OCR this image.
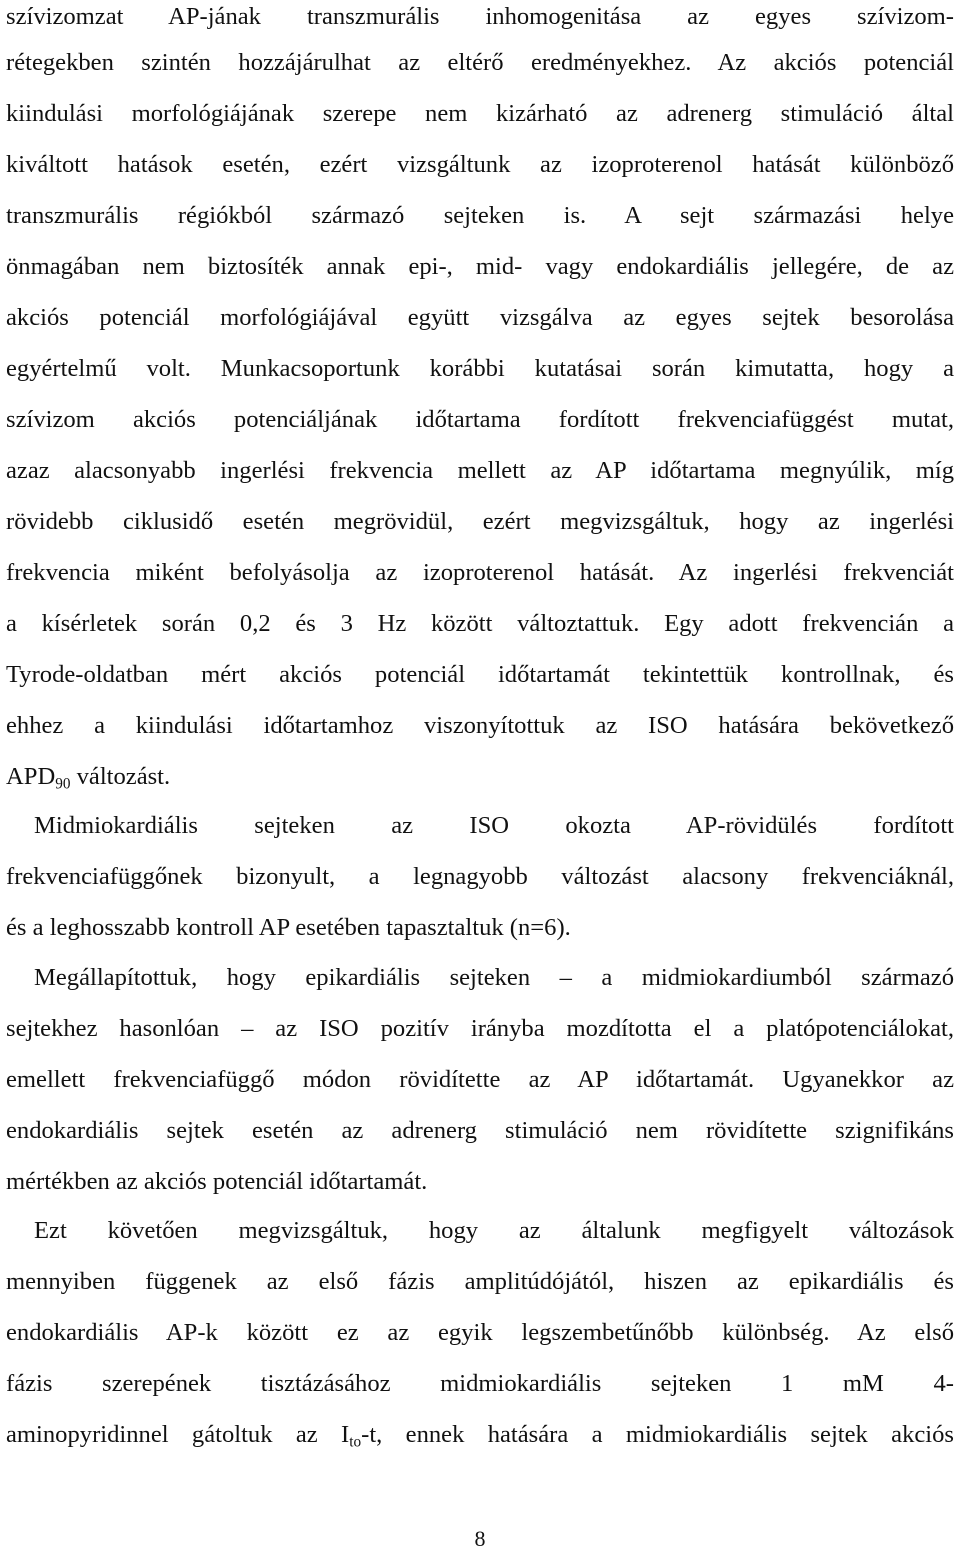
szívizomzat AP-jának transzmurális inhomogenitása az egyes szívizom-
rétegekben szintén hozzájárulhat az eltérő eredményekhez. Az akciós potenciál
kiindulási morfológiájának szerepe nem kizárható az adrenerg stimuláció által
kiváltott hatások esetén, ezért vizsgáltunk az izoproterenol hatását különböző
transzmurális régiókból származó sejteken is. A sejt származási helye
önmagában nem biztosíték annak epi-, mid- vagy endokardiális jellegére, de az
akciós potenciál morfológiájával együtt vizsgálva az egyes sejtek besorolása
egyértelmű volt. Munkacsoportunk korábbi kutatásai során kimutatta, hogy a
szívizom akciós potenciáljának időtartama fordított frekvenciafüggést mutat,
azaz alacsonyabb ingerlési frekvencia mellett az AP időtartama megnyúlik, míg
rövidebb ciklusidő esetén megrövidül, ezért megvizsgáltuk, hogy az ingerlési
frekvencia miként befolyásolja az izoproterenol hatását. Az ingerlési frekvenciát
a kísérletek során 0,2 és 3 Hz között változtattuk. Egy adott frekvencián a
Tyrode-oldatban mért akciós potenciál időtartamát tekintettük kontrollnak, és
ehhez a kiindulási időtartamhoz viszonyítottuk az ISO hatására bekövetkező
$APD_{90}$ változást.
Midmiokardiális sejteken az ISO okozta AP-rövidülés fordított
frekvenciafüggőnek bizonyult, a legnagyobb változást alacsony frekvenciáknál,
és a leghosszabb kontroll AP esetében tapasztaltuk (n=6).
Megállapítottuk, hogy epikardiális sejteken – a midmiokardiumból származó
sejtekhez hasonlóan – az ISO pozitív irányba mozdította el a platópotenciálokat,
emellett frekvenciafüggő módon rövidítette az AP időtartamát. Ugyanekkor az
endokardiális sejtek esetén az adrenerg stimuláció nem rövidítette szignifikáns
mértékben az akciós potenciál időtartamát.
Ezt követően megvizsgáltuk, hogy az általunk megfigyelt változások
mennyiben függenek az első fázis amplitúdójától, hiszen az epikardiális és
endokardiális AP-k között ez az egyik legszembetűnőbb különbség. Az első
fázis szerepének tisztázásához midmiokardiális sejteken 1 mM 4-
aminopyridinnel gátoltuk az $I_{to}-t$, ennek hatására a midmiokardiális sejtek akciós
8
